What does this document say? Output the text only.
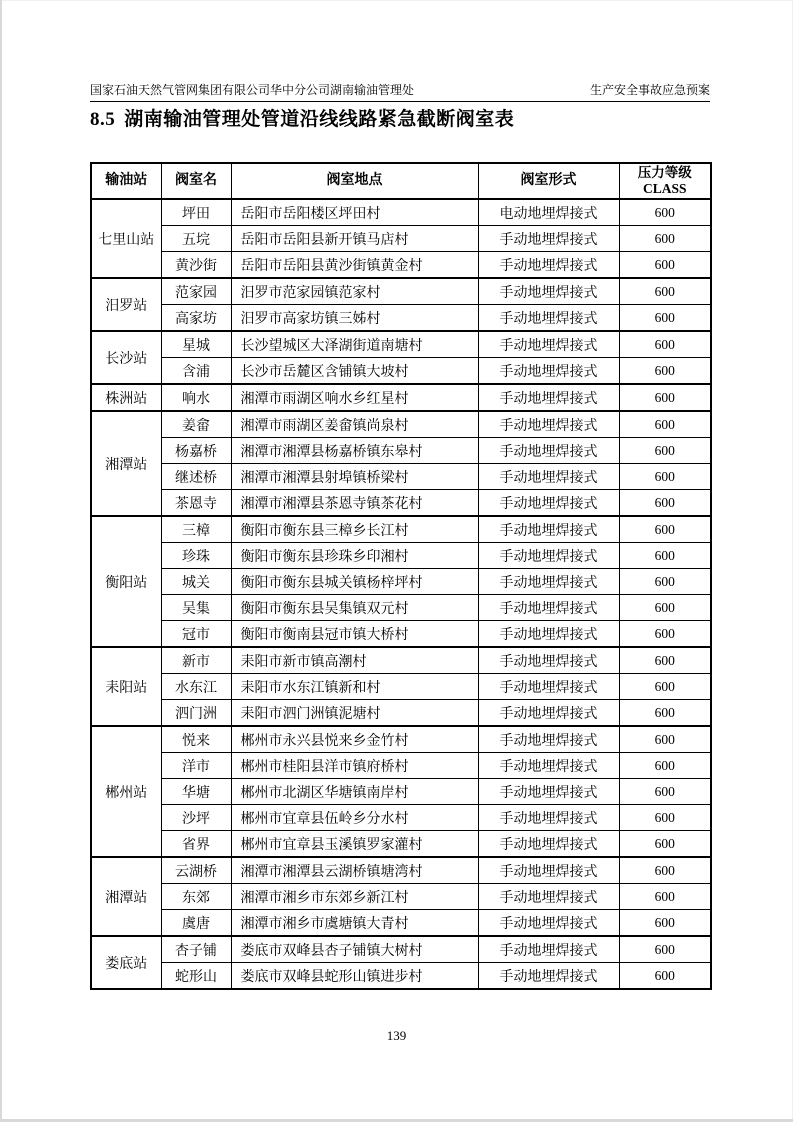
国家石油天然气管网集团有限公司华中分公司湖南输油管理处	生产安全事故应急预案
8.5 湖南输油管理处管道沿线线路紧急截断阀室表
输油站	阀室名	阀室地点	阀室形式	压力等级
CLASS

七里山站	坪田	岳阳市岳阳楼区坪田村	电动地埋焊接式	600
	五垸	岳阳市岳阳县新开镇马店村	手动地埋焊接式	600
	黄沙街	岳阳市岳阳县黄沙街镇黄金村	手动地埋焊接式	600
汨罗站	范家园	汨罗市范家园镇范家村	手动地埋焊接式	600
	高家坊	汨罗市高家坊镇三姊村	手动地埋焊接式	600
长沙站	星城	长沙望城区大泽湖街道南塘村	手动地埋焊接式	600
	含浦	长沙市岳麓区含铺镇大坡村	手动地埋焊接式	600
株洲站	响水	湘潭市雨湖区响水乡红星村	手动地埋焊接式	600
湘潭站	姜畲	湘潭市雨湖区姜畲镇尚泉村	手动地埋焊接式	600
	杨嘉桥	湘潭市湘潭县杨嘉桥镇东皋村	手动地埋焊接式	600
	继述桥	湘潭市湘潭县射埠镇桥梁村	手动地埋焊接式	600
	茶恩寺	湘潭市湘潭县茶恩寺镇茶花村	手动地埋焊接式	600
衡阳站	三樟	衡阳市衡东县三樟乡长江村	手动地埋焊接式	600
	珍珠	衡阳市衡东县珍珠乡印湘村	手动地埋焊接式	600
	城关	衡阳市衡东县城关镇杨梓坪村	手动地埋焊接式	600
	吴集	衡阳市衡东县吴集镇双元村	手动地埋焊接式	600
	冠市	衡阳市衡南县冠市镇大桥村	手动地埋焊接式	600
耒阳站	新市	耒阳市新市镇高潮村	手动地埋焊接式	600
	水东江	耒阳市水东江镇新和村	手动地埋焊接式	600
	泗门洲	耒阳市泗门洲镇泥塘村	手动地埋焊接式	600
郴州站	悦来	郴州市永兴县悦来乡金竹村	手动地埋焊接式	600
	洋市	郴州市桂阳县洋市镇府桥村	手动地埋焊接式	600
	华塘	郴州市北湖区华塘镇南岸村	手动地埋焊接式	600
	沙坪	郴州市宜章县伍岭乡分水村	手动地埋焊接式	600
	省界	郴州市宜章县玉溪镇罗家灌村	手动地埋焊接式	600
湘潭站	云湖桥	湘潭市湘潭县云湖桥镇塘湾村	手动地埋焊接式	600
	东郊	湘潭市湘乡市东郊乡新江村	手动地埋焊接式	600
	虞唐	湘潭市湘乡市虞塘镇大青村	手动地埋焊接式	600
娄底站	杏子铺	娄底市双峰县杏子铺镇大树村	手动地埋焊接式	600
	蛇形山	娄底市双峰县蛇形山镇进步村	手动地埋焊接式	600
139
